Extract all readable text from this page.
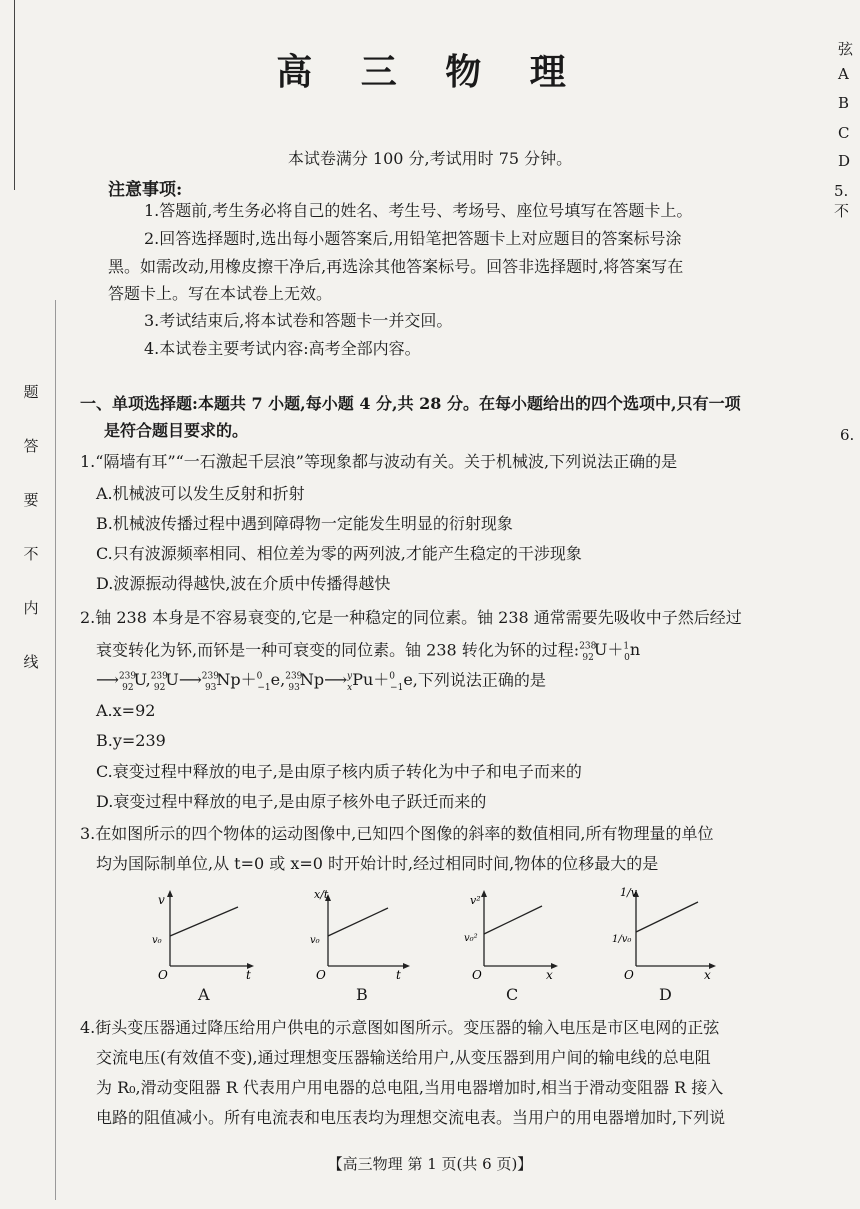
题
答
要
不
内
线
弦
A
B
C
D
5.不
6.
高 三 物 理
本试卷满分 100 分,考试用时 75 分钟。
注意事项:
1.答题前,考生务必将自己的姓名、考生号、考场号、座位号填写在答题卡上。
2.回答选择题时,选出每小题答案后,用铅笔把答题卡上对应题目的答案标号涂
黑。如需改动,用橡皮擦干净后,再选涂其他答案标号。回答非选择题时,将答案写在
答题卡上。写在本试卷上无效。
3.考试结束后,将本试卷和答题卡一并交回。
4.本试卷主要考试内容:高考全部内容。
一、单项选择题:本题共 7 小题,每小题 4 分,共 28 分。在每小题给出的四个选项中,只有一项
是符合题目要求的。
1.“隔墙有耳”“一石激起千层浪”等现象都与波动有关。关于机械波,下列说法正确的是
A.机械波可以发生反射和折射
B.机械波传播过程中遇到障碍物一定能发生明显的衍射现象
C.只有波源频率相同、相位差为零的两列波,才能产生稳定的干涉现象
D.波源振动得越快,波在介质中传播得越快
2.铀 238 本身是不容易衰变的,它是一种稳定的同位素。铀 238 通常需要先吸收中子然后经过
衰变转化为钚,而钚是一种可衰变的同位素。铀 238 转化为钚的过程:$^{238}_{92}$U＋$^1_0$n
⟶$^{239}_{92}$U,$^{239}_{92}$U⟶$^{239}_{93}$Np＋$^0_{-1}$e,$^{239}_{93}$Np⟶$^y_x$Pu＋$^0_{-1}$e,下列说法正确的是
A.x=92
B.y=239
C.衰变过程中释放的电子,是由原子核内质子转化为中子和电子而来的
D.衰变过程中释放的电子,是由原子核外电子跃迁而来的
3.在如图所示的四个物体的运动图像中,已知四个图像的斜率的数值相同,所有物理量的单位
均为国际制单位,从 t=0 或 x=0 时开始计时,经过相同时间,物体的位移最大的是
v
v₀
O	t
A
x/t
v₀
O	t
B
v²
v₀²
O	x
C
1/v
1/v₀
O	x
D
4.街头变压器通过降压给用户供电的示意图如图所示。变压器的输入电压是市区电网的正弦
交流电压(有效值不变),通过理想变压器输送给用户,从变压器到用户间的输电线的总电阻
为 R₀,滑动变阻器 R 代表用户用电器的总电阻,当用电器增加时,相当于滑动变阻器 R 接入
电路的阻值减小。所有电流表和电压表均为理想交流电表。当用户的用电器增加时,下列说
【高三物理 第 1 页(共 6 页)】
